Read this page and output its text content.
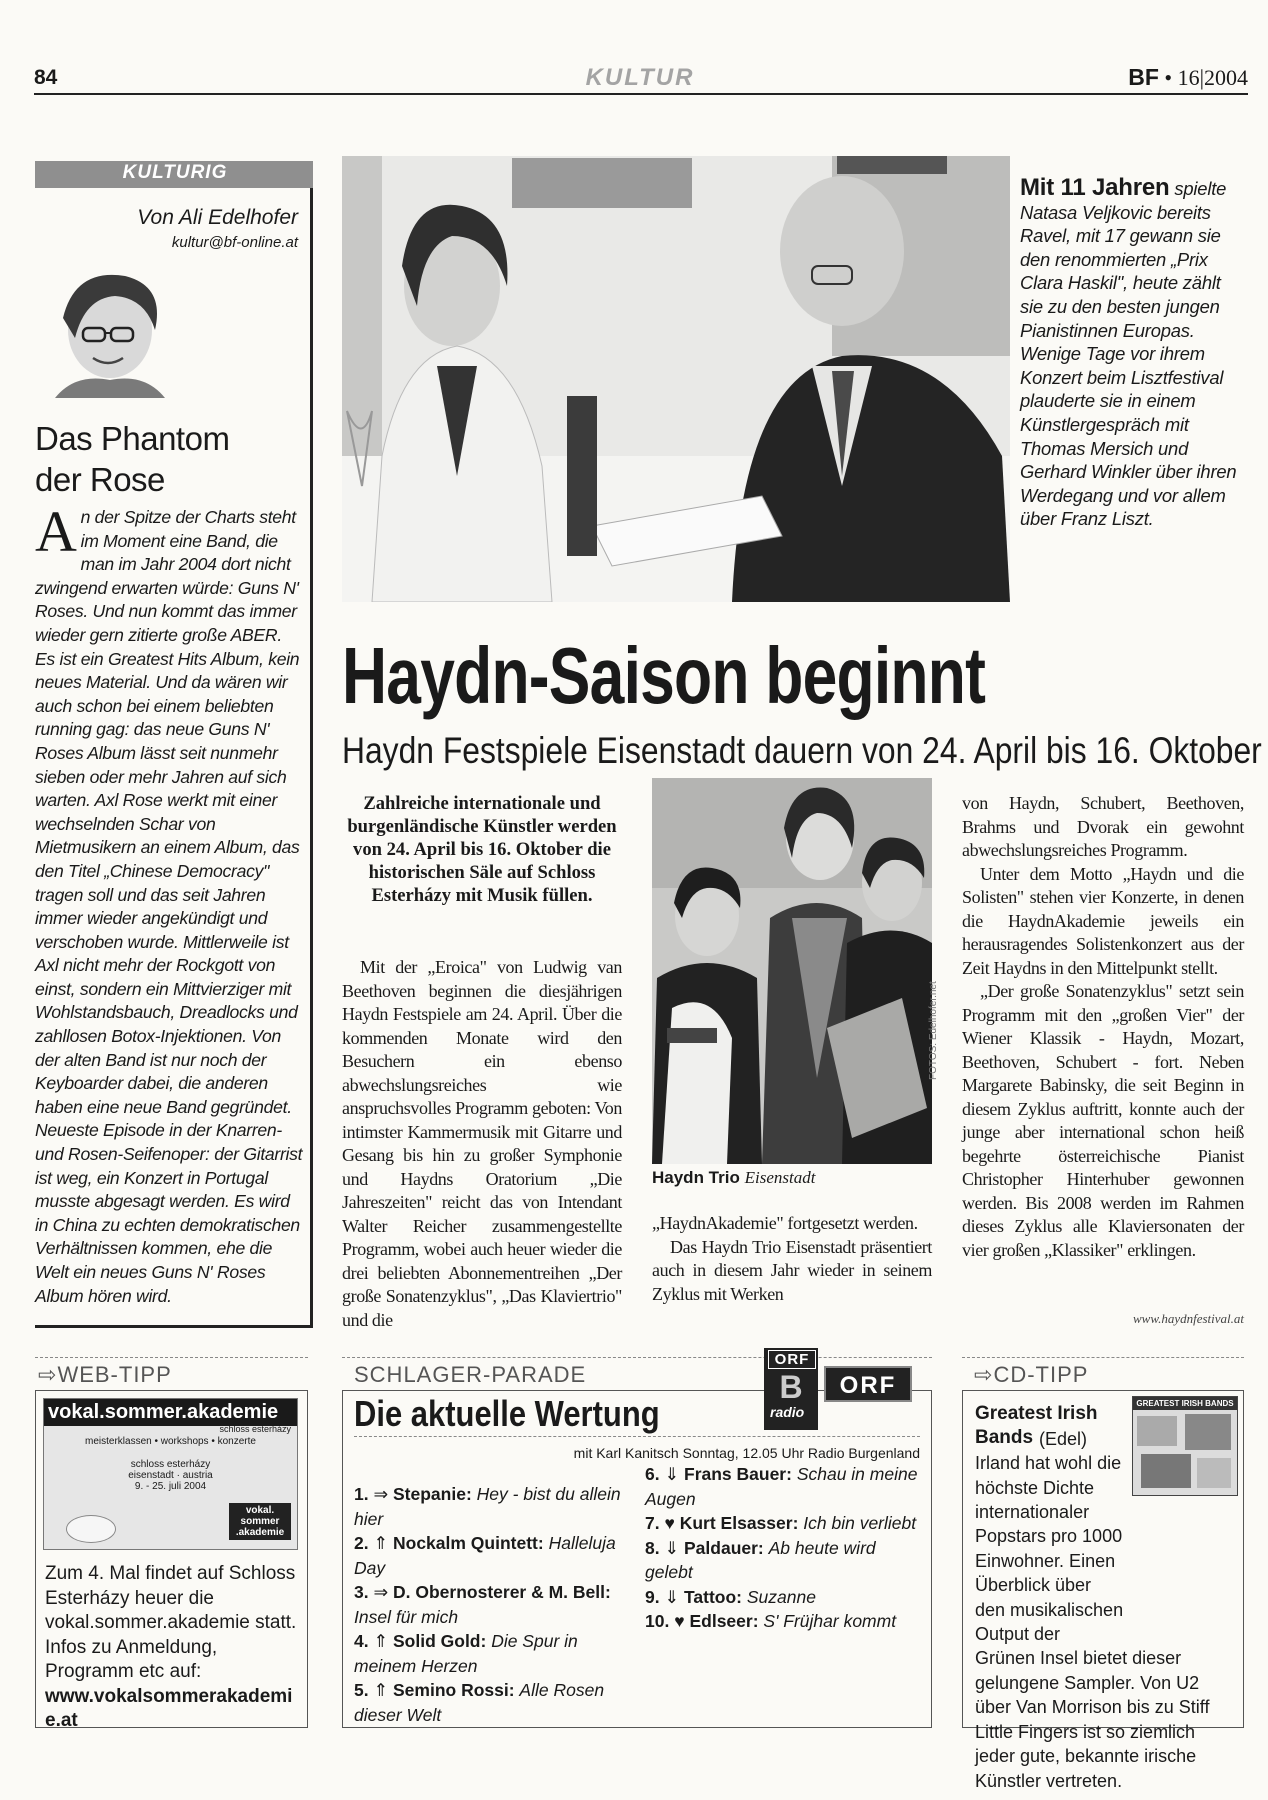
84	KULTUR	BF • 16|2004
KULTURIG
Von Ali Edelhofer
kultur@bf-online.at
Das Phantom
der Rose
An der Spitze der Charts steht im Moment eine Band, die man im Jahr 2004 dort nicht zwingend erwarten würde: Guns N' Roses. Und nun kommt das immer wieder gern zitierte große ABER. Es ist ein Greatest Hits Album, kein neues Material. Und da wären wir auch schon bei einem beliebten running gag: das neue Guns N' Roses Album lässt seit nunmehr sieben oder mehr Jahren auf sich warten. Axl Rose werkt mit einer wechselnden Schar von Mietmusikern an einem Album, das den Titel „Chinese Democracy" tragen soll und das seit Jahren immer wieder angekündigt und verschoben wurde. Mittlerweile ist Axl nicht mehr der Rockgott von einst, sondern ein Mittvierziger mit Wohlstandsbauch, Dreadlocks und zahllosen Botox-Injektionen. Von der alten Band ist nur noch der Keyboarder dabei, die anderen haben eine neue Band gegründet. Neueste Episode in der Knarren- und Rosen-Seifenoper: der Gitarrist ist weg, ein Konzert in Portugal musste abgesagt werden. Es wird in China zu echten demokratischen Verhältnissen kommen, ehe die Welt ein neues Guns N' Roses Album hören wird.
Mit 11 Jahren spielte Natasa Veljkovic bereits Ravel, mit 17 gewann sie den renommierten „Prix Clara Haskil", heute zählt sie zu den besten jungen Pianistinnen Europas. Wenige Tage vor ihrem Konzert beim Lisztfestival plauderte sie in einem Künstlergespräch mit Thomas Mersich und Gerhard Winkler über ihren Werdegang und vor allem über Franz Liszt.
Haydn-Saison beginnt
Haydn Festspiele Eisenstadt dauern von 24. April bis 16. Oktober
Zahlreiche internationale und burgenländische Künstler werden von 24. April bis 16. Oktober die historischen Säle auf Schloss Esterházy mit Musik füllen.
Mit der „Eroica" von Ludwig van Beethoven beginnen die diesjährigen Haydn Festspiele am 24. April. Über die kommenden Monate wird den Besuchern ein ebenso abwechslungsreiches wie anspruchsvolles Programm geboten: Von intimster Kammermusik mit Gitarre und Gesang bis hin zu großer Symphonie und Haydns Oratorium „Die Jahreszeiten" reicht das von Intendant Walter Reicher zusammengestellte Programm, wobei auch heuer wieder die drei beliebten Abonnementreihen „Der große Sonatenzyklus", „Das Klaviertrio" und die
FOTOS: Edelhofer.net
Haydn Trio Eisenstadt
„HaydnAkademie" fortgesetzt werden.
Das Haydn Trio Eisenstadt präsentiert auch in diesem Jahr wieder in seinem Zyklus mit Werken
von Haydn, Schubert, Beethoven, Brahms und Dvorak ein gewohnt abwechslungsreiches Programm.
Unter dem Motto „Haydn und die Solisten" stehen vier Konzerte, in denen die HaydnAkademie jeweils ein herausragendes Solistenkonzert aus der Zeit Haydns in den Mittelpunkt stellt.
„Der große Sonatenzyklus" setzt sein Programm mit den „großen Vier" der Wiener Klassik - Haydn, Mozart, Beethoven, Schubert - fort. Neben Margarete Babinsky, die seit Beginn in diesem Zyklus auftritt, konnte auch der junge aber international schon heiß begehrte österreichische Pianist Christopher Hinterhuber gewonnen werden. Bis 2008 werden im Rahmen dieses Zyklus alle Klaviersonaten der vier großen „Klassiker" erklingen.
www.haydnfestival.at
⇨WEB-TIPP
vokal.sommer.akademie
schloss esterházy
meisterklassen • workshops • konzerte
schloss esterházy
eisenstadt · austria
9. - 25. juli 2004
vokal.
sommer
.akademie
Zum 4. Mal findet auf Schloss Esterházy heuer die vokal.sommer.akademie statt. Infos zu Anmeldung, Programm etc auf:
www.vokalsommerakademie.at
SCHLAGER-PARADE
Die aktuelle Wertung
mit Karl Kanitsch Sonntag, 12.05 Uhr Radio Burgenland
ORF
B
radio
ORF
1. ⇒ Stepanie: Hey - bist du allein hier
2. ⇑ Nockalm Quintett: Halleluja Day
3. ⇒ D. Obernosterer & M. Bell: Insel für mich
4. ⇑ Solid Gold: Die Spur in meinem Herzen
5. ⇑ Semino Rossi: Alle Rosen dieser Welt
6. ⇓ Frans Bauer: Schau in meine Augen
7. ♥ Kurt Elsasser: Ich bin verliebt
8. ⇓ Paldauer: Ab heute wird gelebt
9. ⇓ Tattoo: Suzanne
10. ♥ Edlseer: S' Früjhar kommt
⇨CD-TIPP
GREATEST IRISH BANDS
Greatest Irish Bands (Edel) Irland hat wohl die höchste Dichte internationaler Popstars pro 1000 Einwohner. Einen Überblick über den musikalischen Output der
Grünen Insel bietet dieser gelungene Sampler. Von U2 über Van Morrison bis zu Stiff Little Fingers ist so ziemlich jeder gute, bekannte irische Künstler vertreten.
